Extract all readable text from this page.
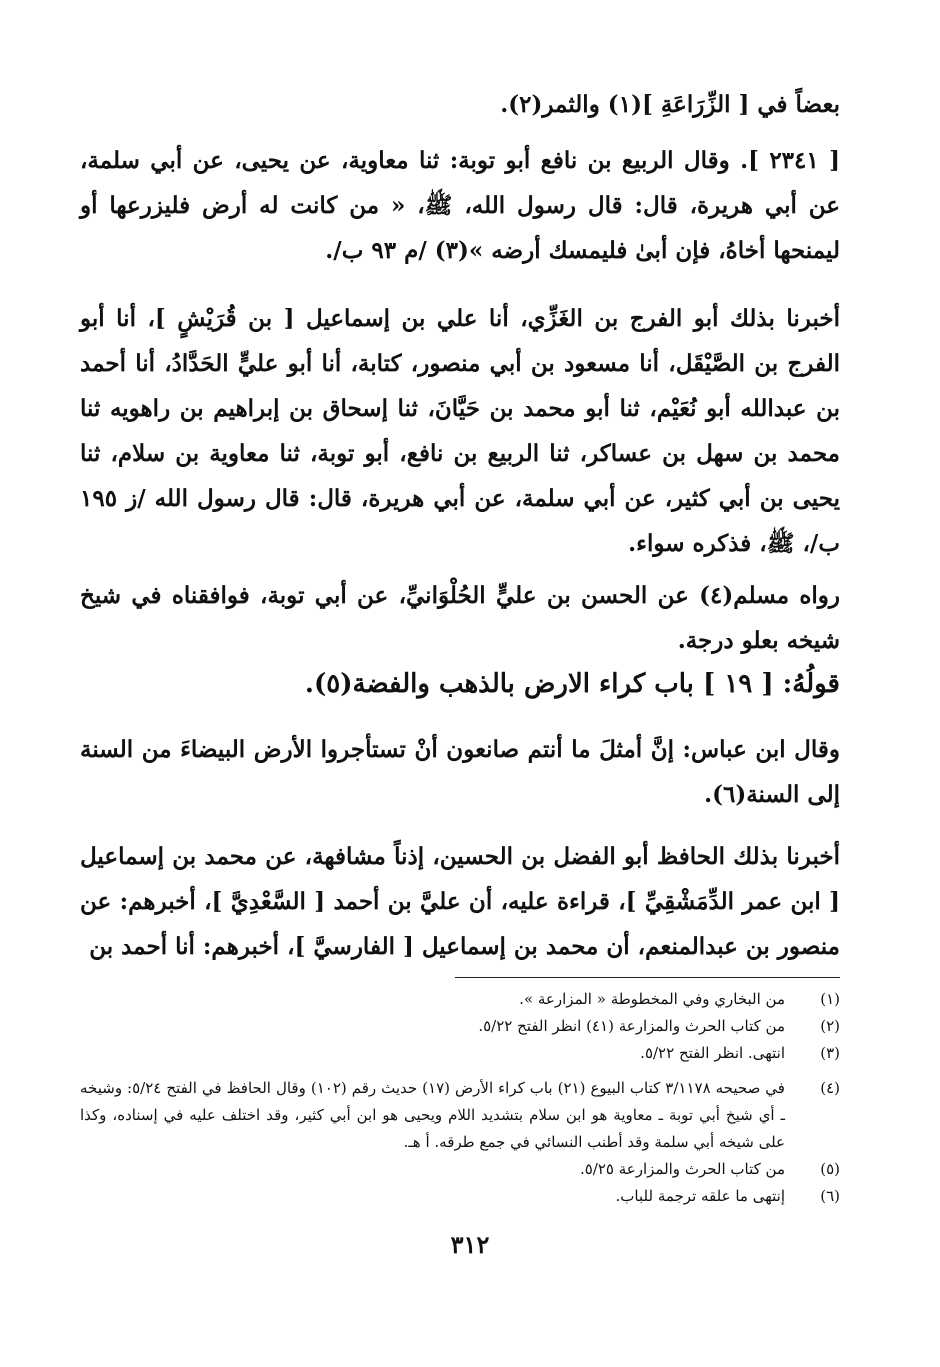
بعضاً في [ الزِّرَاعَةِ ](١) والثمر(٢).

[ ٢٣٤١ ]. وقال الربيع بن نافع أبو توبة: ثنا معاوية، عن يحيى، عن أبي سلمة، عن أبي هريرة، قال: قال رسول الله، ﷺ، « من كانت له أرض فليزرعها أو ليمنحها أخاهُ، فإن أبىٰ فليمسك أرضه »(٣) /م ٩٣ ب/.

أخبرنا بذلك أبو الفرج بن الغَزِّي، أنا علي بن إسماعيل [ بن قُرَيْشٍ ]، أنا أبو الفرج بن الصَّيْقَل، أنا مسعود بن أبي منصور، كتابة، أنا أبو عليٍّ الحَدَّادُ، أنا أحمد بن عبدالله أبو نُعَيْم، ثنا أبو محمد بن حَيَّانَ، ثنا إسحاق بن إبراهيم بن راهويه ثنا محمد بن سهل بن عساكر، ثنا الربيع بن نافع، أبو توبة، ثنا معاوية بن سلام، ثنا يحيى بن أبي كثير، عن أبي سلمة، عن أبي هريرة، قال: قال رسول الله /ز ١٩٥ ب/، ﷺ، فذكره سواء.

رواه مسلم(٤) عن الحسن بن عليٍّ الحُلْوَانيِّ، عن أبي توبة، فوافقناه في شيخ شيخه بعلو درجة.

قولُهُ: [ ١٩ ] باب كراء الارض بالذهب والفضة(٥).

وقال ابن عباس: إنَّ أمثلَ ما أنتم صانعون أنْ تستأجروا الأرض البيضاءَ من السنة إلى السنة(٦).

أخبرنا بذلك الحافظ أبو الفضل بن الحسين، إذناً مشافهة، عن محمد بن إسماعيل [ ابن عمر الدِّمَشْقِيِّ ]، قراءة عليه، أن عليَّ بن أحمد [ السَّعْدِيَّ ]، أخبرهم: عن منصور بن عبدالمنعم، أن محمد بن إسماعيل [ الفارسيَّ ]، أخبرهم: أنا أحمد بن

(١)
من البخاري وفي المخطوطة « المزارعة ».
(٢)
من كتاب الحرث والمزارعة (٤١) انظر الفتح ٥/٢٢.
(٣)
انتهى. انظر الفتح ٥/٢٢.
(٤)
في صحيحه ٣/١١٧٨ كتاب البيوع (٢١) باب كراء الأرض (١٧) حديث رقم (١٠٢) وقال الحافظ في الفتح ٥/٢٤: وشيخه ـ أي شيخ أبي توبة ـ معاوية هو ابن سلام بتشديد اللام ويحيى هو ابن أبي كثير، وقد اختلف عليه في إسناده، وكذا على شيخه أبي سلمة وقد أطنب النسائي في جمع طرقه. أ هـ.
(٥)
من كتاب الحرث والمزارعة ٥/٢٥.
(٦)
إنتهى ما علقه ترجمة للباب.
٣١٢
